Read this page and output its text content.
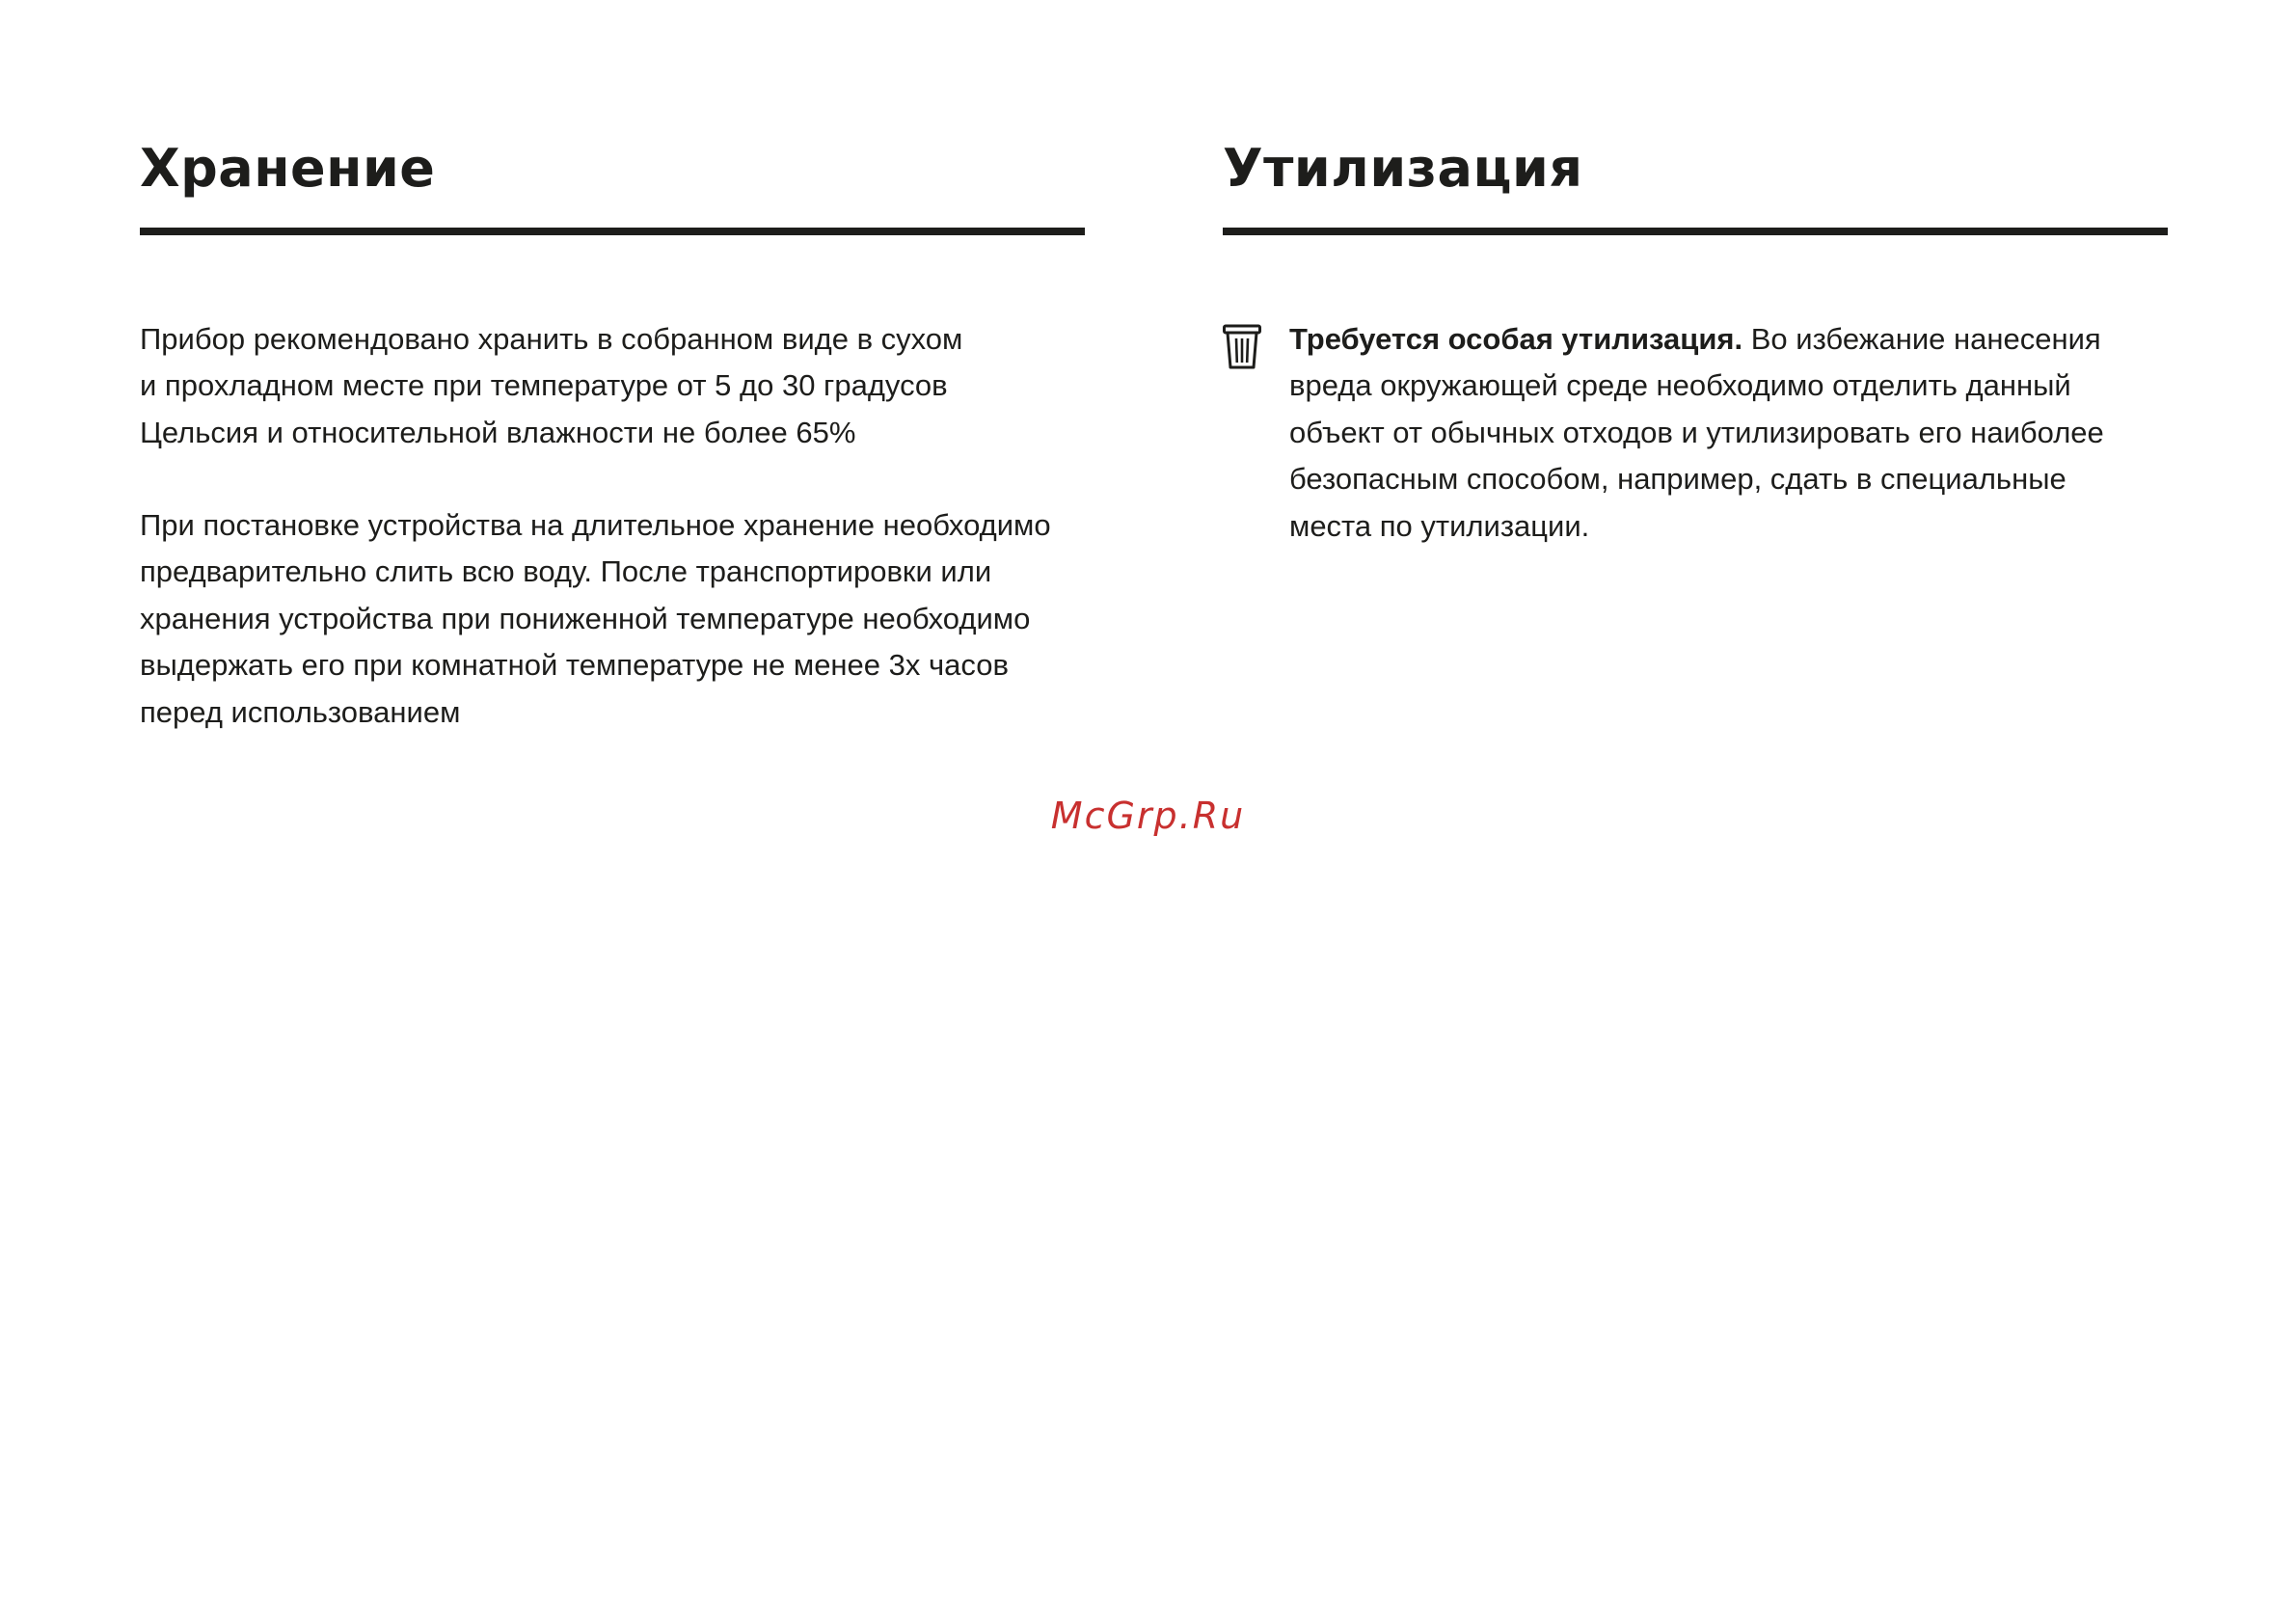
Хранение

Прибор рекомендовано хранить в собранном виде в сухом
и прохладном месте при температуре от 5 до 30 градусов
Цельсия и относительной влажности не более 65%

При постановке устройства на длительное хранение необходимо
предварительно слить всю воду. После транспортировки или
хранения устройства при пониженной температуре необходимо
выдержать его при комнатной температуре не менее 3х часов
перед использованием

Утилизация

Требуется особая утилизация. Во избежание нанесения
вреда окружающей среде необходимо отделить данный
объект от обычных отходов и утилизировать его наиболее
безопасным способом, например, сдать в специальные
места по утилизации.

McGrp.Ru
